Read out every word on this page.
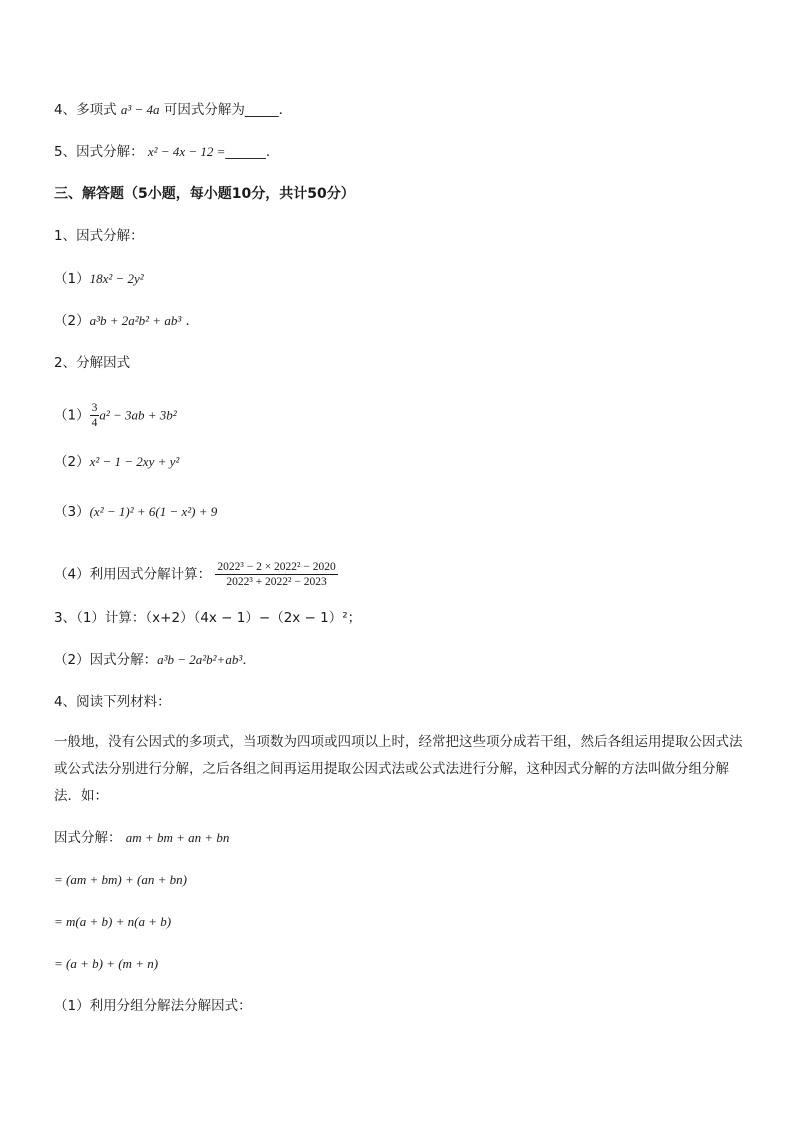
4、多项式 a³ − 4a 可因式分解为_____．
5、因式分解： x² − 4x − 12 =______．
三、解答题（5小题，每小题10分，共计50分）
1、因式分解：
（1）18x² − 2y²
（2）a³b + 2a²b² + ab³ ．
2、分解因式
$(1) \frac{3}{4} a^2 - 3ab + 3b^2$
（2）x² − 1 − 2xy + y²
（3）(x² − 1)² + 6(1 − x²) + 9
（4）利用因式分解计算： $\frac{\text{2022³ − 2 × 2022² − 2020}}{\text{2022³ + 2022² − 2023}}$
3、（1）计算：（x+2）（4x − 1）−（2x − 1）²；
（2）因式分解：a³b − 2a²b²+ab³．
4、阅读下列材料：
一般地，没有公因式的多项式，当项数为四项或四项以上时，经常把这些项分成若干组，然后各组运用提取公因式法或公式法分别进行分解，之后各组之间再运用提取公因式法或公式法进行分解，这种因式分解的方法叫做分组分解法．如：
因式分解： am + bm + an + bn
= (am + bm) + (an + bn)
= m(a + b) + n(a + b)
= (a + b) + (m + n)
（1）利用分组分解法分解因式：
